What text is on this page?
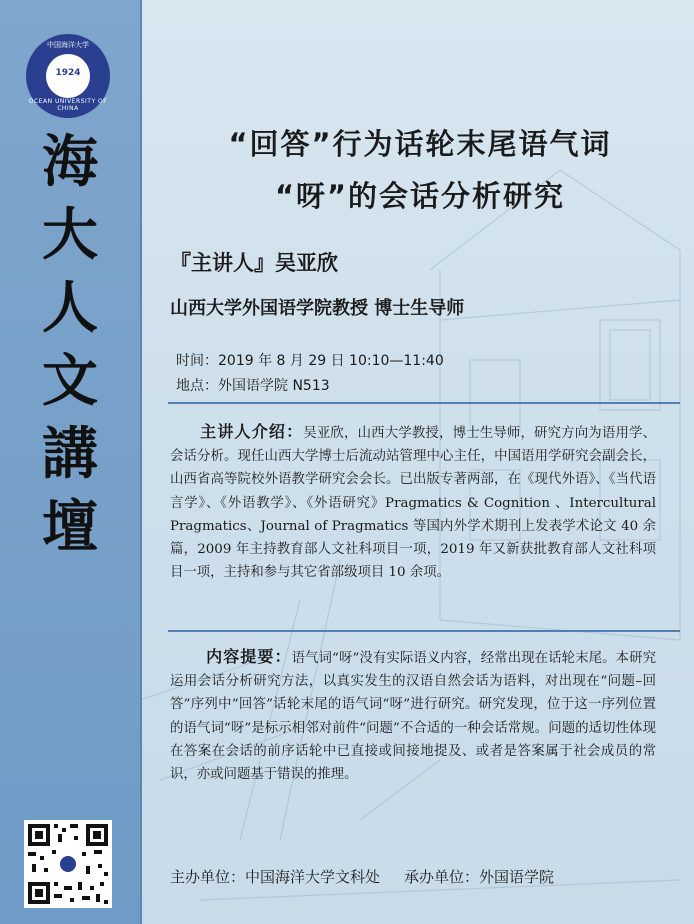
中国海洋大学
1924
OCEAN UNIVERSITY OF CHINA
海大人文講壇
“回答”行为话轮末尾语气词
“呀”的会话分析研究
『主讲人』吴亚欣
山西大学外国语学院教授 博士生导师
时间：2019 年 8 月 29 日 10:10—11:40
地点：外国语学院 N513
主讲人介绍：吴亚欣，山西大学教授，博士生导师，研究方向为语用学、会话分析。现任山西大学博士后流动站管理中心主任，中国语用学研究会副会长，山西省高等院校外语教学研究会会长。已出版专著两部，在《现代外语》、《当代语言学》、《外语教学》、《外语研究》Pragmatics & Cognition 、Intercultural Pragmatics、Journal of Pragmatics 等国内外学术期刊上发表学术论文 40 余篇，2009 年主持教育部人文社科项目一项，2019 年又新获批教育部人文社科项目一项，主持和参与其它省部级项目 10 余项。
内容提要：语气词“呀”没有实际语义内容，经常出现在话轮末尾。本研究运用会话分析研究方法，以真实发生的汉语自然会话为语料，对出现在“问题–回答”序列中“回答”话轮末尾的语气词“呀”进行研究。研究发现，位于这一序列位置的语气词“呀”是标示相邻对前件“问题”不合适的一种会话常规。问题的适切性体现在答案在会话的前序话轮中已直接或间接地提及、或者是答案属于社会成员的常识，亦或问题基于错误的推理。
主办单位：中国海洋大学文科处 承办单位：外国语学院
